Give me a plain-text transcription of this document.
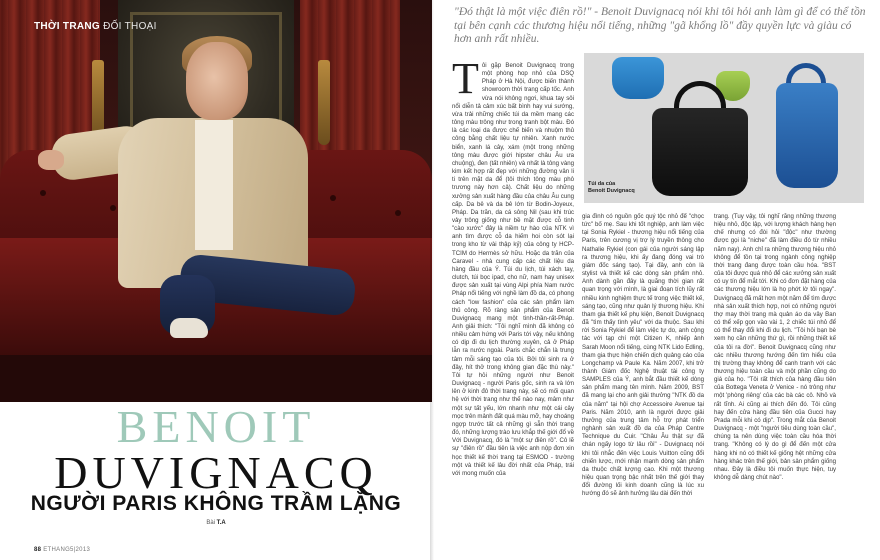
THỜI TRANG ĐỐI THOẠI
BENOIT
DUVIGNACQ
NGƯỜI PARIS KHÔNG TRẦM LẶNG
Bài T.A
88 ETHANG5|2013
"Đó thật là một việc điên rồ!" - Benoit Duvignacq nói khi tôi hỏi anh làm gì để có thể tồn tại bên cạnh các thương hiệu nổi tiếng, những "gã khổng lồ" đầy quyền lực và giàu có hơn anh rất nhiều.
Túi da của
Benoit Duvignacq
T ôi gặp Benoit Duvignacq trong một phòng hop nhỏ của DSQ Pháp ở Hà Nội, được biến thành showroom thời trang cấp tốc. Anh vừa nói không ngơi, khua tay sôi nổi diễn tả cảm xúc bất bình hay vui sướng, vừa trải những chiếc túi da mềm mang các tông màu trông như trong tranh bột màu. Đó là các loại da được chế biến và nhuộm thủ công bằng chất liệu tự nhiên. Xanh nước biển, xanh lá cây, xám (một trong những tông màu được giới hipster châu Âu ưa chuộng), đen (tất nhiên) và nhất là tông vàng kim kết hợp rất đẹp với những đường vân li ti trên mặt da để (tôi thích tông màu phô trương này hơn cả). Chất liệu do những xưởng sản xuất hàng đầu của châu Âu cung cấp. Da bê và da bê lớn từ Bodin-Joyeux, Pháp. Da trăn, da cá sông Nil (sau khi trúc vảy trông giống như bề mặt được cỗ tinh "cào xước" đây là niềm tự hào của NTK vì anh tìm được cỗ da hiếm hoi còn sót lại trong kho từ vài thập kỷ) của công ty HCP-TCIM do Hermès sở hữu. Hoặc da trăn của Caravel - nhà cung cấp các chất liệu da hàng đầu của Ý. Túi du lịch, túi xách tay, clutch, túi bọc ipad, cho nữ, nam hay unisex được sản xuất tại vùng Alpi phía Nam nước Pháp nổi tiếng với nghề làm đồ da, có phong cách "low fashion" của các sản phẩm làm thủ công. Rõ ràng sản phẩm của Benoit Duvignacq mang một tinh-thần-rất-Pháp. Anh giải thích: "Tôi nghĩ mình đã không có nhiều cảm hứng với Paris tới vậy, nếu không có dịp đi du lịch thường xuyên, cả ở Pháp lẫn ra nước ngoài. Paris chắc chắn là trung tâm mỗi sáng tạo của tôi. Bởi tôi sinh ra ở đây, hít thở trong không gian đặc thù này." Tôi tự hỏi những người như Benoit Duvignacq - người Paris gốc, sinh ra và lớn lên ở kinh đô thời trang này, sẽ có mối quan hệ với thời trang như thế nào nay, mâm như một sự tất yếu, lớn nhanh như một cái cây mọc trên mảnh đất quá màu mỡ, hay choáng ngợp trước tất cả những gì sẵn thời trang đó, những lượng trào lưu khắp thế giới đổ về Với Duvignacq, đó là "một sự điên rồ". Cô lẽ sự "điên rồ" đầu tiên là việc anh nộp đơn xin học thiết kế thời trang tại ESMOD - trường một và thiết kế lâu đời nhất của Pháp, trái với mong muốn của
gia đình có nguồn gốc quý tộc nhỏ để "chọc tức" bố mẹ. Sau khi tốt nghiệp, anh làm việc tại Sonia Rykiel - thương hiệu nổi tiếng của Paris, trên cương vị trợ lý truyền thông cho Nathalie Rykiel (con gái của người sáng lập ra thương hiệu, khi ấy đang đóng vai trò giám đốc sáng tạo). Tại đây, anh còn là stylist và thiết kế các dòng sản phẩm nhỏ. Anh dành gần đây là quãng thời gian rất quan trọng với mình, là giai đoạn tích lũy rất nhiều kinh nghiệm thực tế trong việc thiết kế, sáng tạo, cũng như quản lý thương hiệu. Khi tham gia thiết kế phụ kiện, Benoit Duvignacq đã "tìm thấy tình yêu" với da thuộc. Sau khi rời Sonia Rykiel để làm việc tự do, anh cộng tác với tạp chí một Citizen K, nhiếp ảnh Sarah Moon nổi tiếng, cùng NTK Lido Edling, tham gia thực hiện chiến dịch quảng cáo của Longchamp và Paule Ka. Năm 2007, khi trở thành Giám đốc Nghệ thuật tài công ty SAMPLES của Ý, anh bắt đầu thiết kế dòng sản phẩm mang tên mình. Năm 2009, BST đã mang lại cho anh giải thưởng "NTK đồ da của năm" tại hội chợ Accessoire Avenue tại Paris. Năm 2010, anh là người được giải thưởng của trung tâm hỗ trợ phát triển nghành sản xuất đồ da của Pháp Centre Technique du Cuir. "Châu Âu thật sự đã chán ngấy logo từ lâu rồi" - Duvignacq nói khi tôi nhắc đến việc Louis Vuitton cũng đổi chiến lược, mới nhận mạnh dòng sản phẩm da thuộc chất lượng cao. Khi một thương hiệu quan trọng bậc nhất trên thế giới thay đổi đường lối kinh doanh cũng là lúc xu hướng đó sẽ ảnh hưởng lâu dài đến thời
trang. (Tuy vậy, tôi nghĩ rằng những thương hiệu nhỏ, độc lập, với lượng khách hàng hẹn chế nhưng có đòi hỏi "độc" như thường được gọi là "niche" đã làm điều đó từ nhiều năm nay). Anh chỉ ra những thương hiệu nhỏ không để tồn tại trong ngành công nghiệp thời trang đang được toàn cầu hóa. "BST của tôi được quá nhỏ để các xưởng sản xuất có uy tín để mắt tới. Khi có đơn đặt hàng của các thương hiệu lớn là họ phớt lờ tôi ngay". Duvignacq đã mất hơn một năm để tìm được nhà sản xuất thích hợp, nơi có những người thợ may thời trang mà quản áo da vây Ban có thể xếp gọn vào vài 1, 2 chiếc túi nhỏ để có thể thay đổi khi đi du lịch. "Tôi hỏi bạn bè xem họ cần những thứ gì, rồi những thiết kế của tôi ra đời". Benoit Duvignacq cũng như các nhiều thương hướng đến tìm hiểu của thị trường thay không để canh tranh với các thương hiệu toàn cầu và một phần cũng do giá của họ. "Tôi rất thích của hàng đầu tiên của Bottega Veneta ở Venice - nó trông như một 'phòng riêng' của các bà các cô. Nhỏ và rất tĩnh. Ai cũng ai thích đến đó. Tôi cũng hay đến cửa hàng đầu tiên của Gucci hay Prada mỗi khi có dịp". Trong mắt của Benoit Duvignacq - một "người tiêu dùng toàn cầu", chúng ta nên dùng việc toàn cầu hóa thời trang. "Không có lý do gì để đến một cửa hàng khi nó có thiết kế giống hệt những cửa hàng khác trên thế giới, bản sản phẩm giống nhau. Đây là điều tôi muốn thực hiện, tuy không dễ dàng chút nào".
